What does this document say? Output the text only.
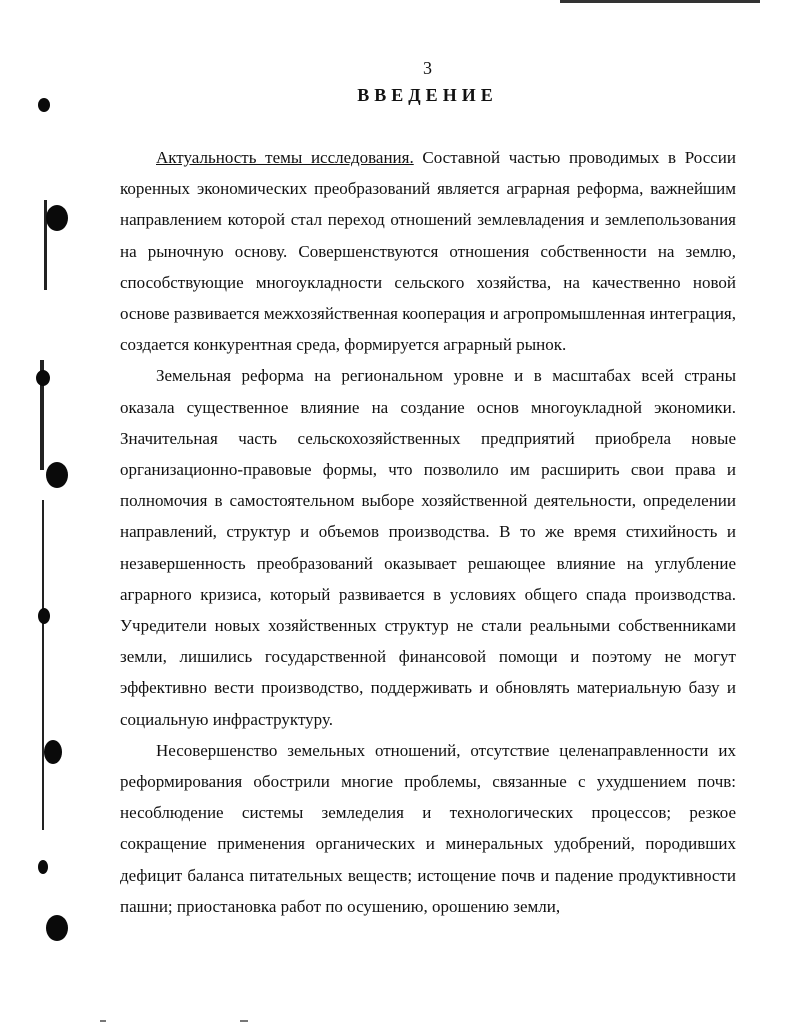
3
ВВЕДЕНИЕ

Актуальность темы исследования. Составной частью проводимых в России коренных экономических преобразований является аграрная реформа, важнейшим направлением которой стал переход отношений землевладения и землепользования на рыночную основу. Совершенствуются отношения собственности на землю, способствующие многоукладности сельского хозяйства, на качественно новой основе развивается межхозяйственная кооперация и агропромышленная интеграция, создается конкурентная среда, формируется аграрный рынок.

Земельная реформа на региональном уровне и в масштабах всей страны оказала существенное влияние на создание основ многоукладной экономики. Значительная часть сельскохозяйственных предприятий приобрела новые организационно-правовые формы, что позволило им расширить свои права и полномочия в самостоятельном выборе хозяйственной деятельности, определении направлений, структур и объемов производства. В то же время стихийность и незавершенность преобразований оказывает решающее влияние на углубление аграрного кризиса, который развивается в условиях общего спада производства. Учредители новых хозяйственных структур не стали реальными собственниками земли, лишились государственной финансовой помощи и поэтому не могут эффективно вести производство, поддерживать и обновлять материальную базу и социальную инфраструктуру.

Несовершенство земельных отношений, отсутствие целенаправленности их реформирования обострили многие проблемы, связанные с ухудшением почв: несоблюдение системы земледелия и технологических процессов; резкое сокращение применения органических и минеральных удобрений, породивших дефицит баланса питательных веществ; истощение почв и падение продуктивности пашни; приостановка работ по осушению, орошению земли,
